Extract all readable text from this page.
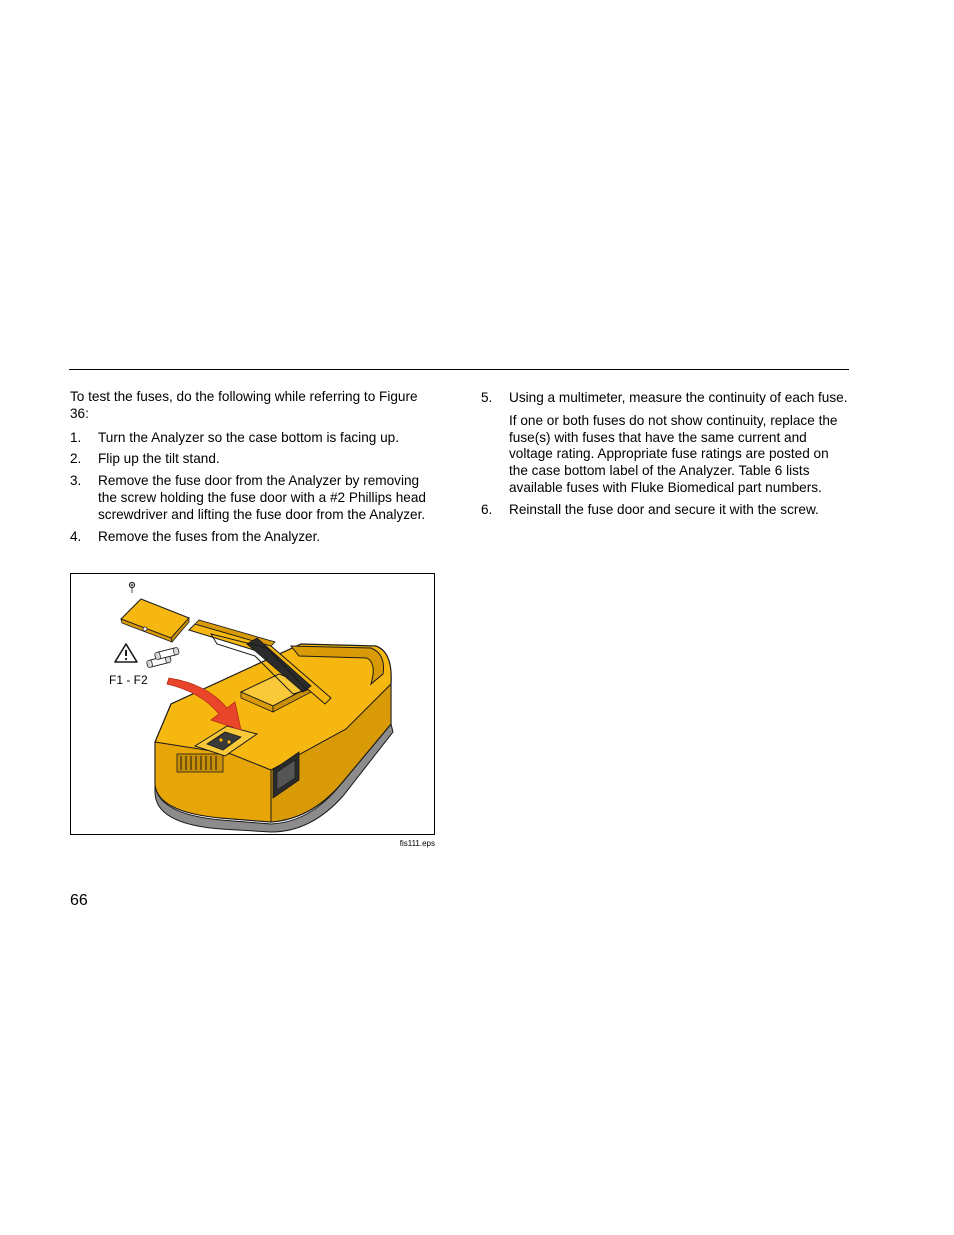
To test the fuses, do the following while referring to Figure 36:

1. Turn the Analyzer so the case bottom is facing up.
2. Flip up the tilt stand.
3. Remove the fuse door from the Analyzer by removing the screw holding the fuse door with a #2 Phillips head screwdriver and lifting the fuse door from the Analyzer.
4. Remove the fuses from the Analyzer.
5. Using a multimeter, measure the continuity of each fuse.

If one or both fuses do not show continuity, replace the fuse(s) with fuses that have the same current and voltage rating. Appropriate fuse ratings are posted on the case bottom label of the Analyzer. Table 6 lists available fuses with Fluke Biomedical part numbers.

6. Reinstall the fuse door and secure it with the screw.
F1 - F2
fis111.eps
66
